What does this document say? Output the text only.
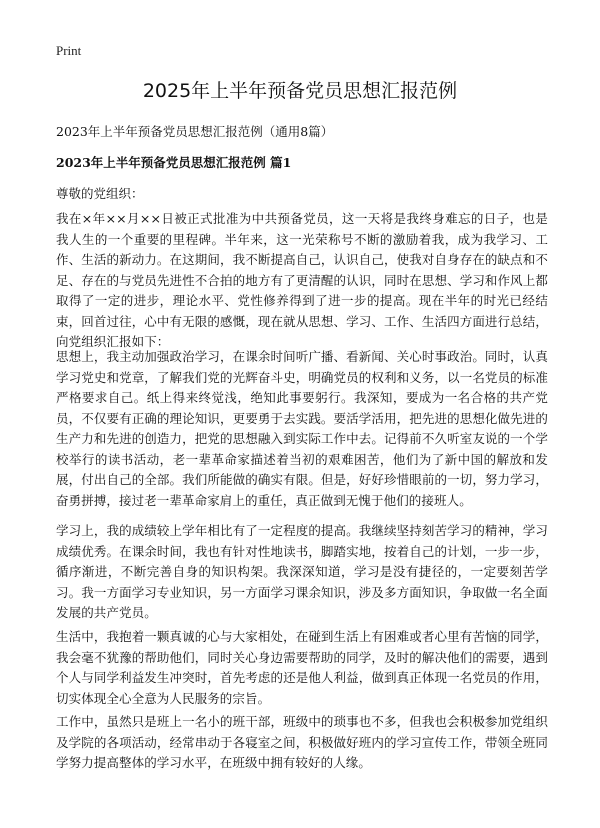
Print
2025年上半年预备党员思想汇报范例

2023年上半年预备党员思想汇报范例（通用8篇）

2023年上半年预备党员思想汇报范例 篇1

尊敬的党组织：

我在×年××月××日被正式批准为中共预备党员，这一天将是我终身难忘的日子，也是我人生的一个重要的里程碑。半年来，这一光荣称号不断的激励着我，成为我学习、工作、生活的新动力。在这期间，我不断提高自己，认识自己，使我对自身存在的缺点和不足、存在的与党员先进性不合拍的地方有了更清醒的认识，同时在思想、学习和作风上都取得了一定的进步，理论水平、党性修养得到了进一步的提高。现在半年的时光已经结束，回首过往，心中有无限的感慨，现在就从思想、学习、工作、生活四方面进行总结，向党组织汇报如下：

思想上，我主动加强政治学习，在课余时间听广播、看新闻、关心时事政治。同时，认真学习党史和党章，了解我们党的光辉奋斗史，明确党员的权利和义务，以一名党员的标准严格要求自己。纸上得来终觉浅，绝知此事要躬行。我深知，要成为一名合格的共产党员，不仅要有正确的理论知识，更要勇于去实践。要活学活用，把先进的思想化做先进的生产力和先进的创造力，把党的思想融入到实际工作中去。记得前不久听室友说的一个学校举行的读书活动，老一辈革命家描述着当初的艰难困苦，他们为了新中国的解放和发展，付出自己的全部。我们所能做的确实有限。但是，好好珍惜眼前的一切，努力学习，奋勇拼搏，接过老一辈革命家肩上的重任，真正做到无愧于他们的接班人。

学习上，我的成绩较上学年相比有了一定程度的提高。我继续坚持刻苦学习的精神，学习成绩优秀。在课余时间，我也有针对性地读书，脚踏实地，按着自己的计划，一步一步，循序渐进，不断完善自身的知识构架。我深深知道，学习是没有捷径的，一定要刻苦学习。我一方面学习专业知识，另一方面学习课余知识，涉及多方面知识，争取做一名全面发展的共产党员。

生活中，我抱着一颗真诚的心与大家相处，在碰到生活上有困难或者心里有苦恼的同学，我会毫不犹豫的帮助他们，同时关心身边需要帮助的同学，及时的解决他们的需要，遇到个人与同学利益发生冲突时，首先考虑的还是他人利益，做到真正体现一名党员的作用，切实体现全心全意为人民服务的宗旨。

工作中，虽然只是班上一名小的班干部，班级中的琐事也不多，但我也会积极参加党组织及学院的各项活动，经常串动于各寝室之间，积极做好班内的学习宣传工作，带领全班同学努力提高整体的学习水平，在班级中拥有较好的人缘。
